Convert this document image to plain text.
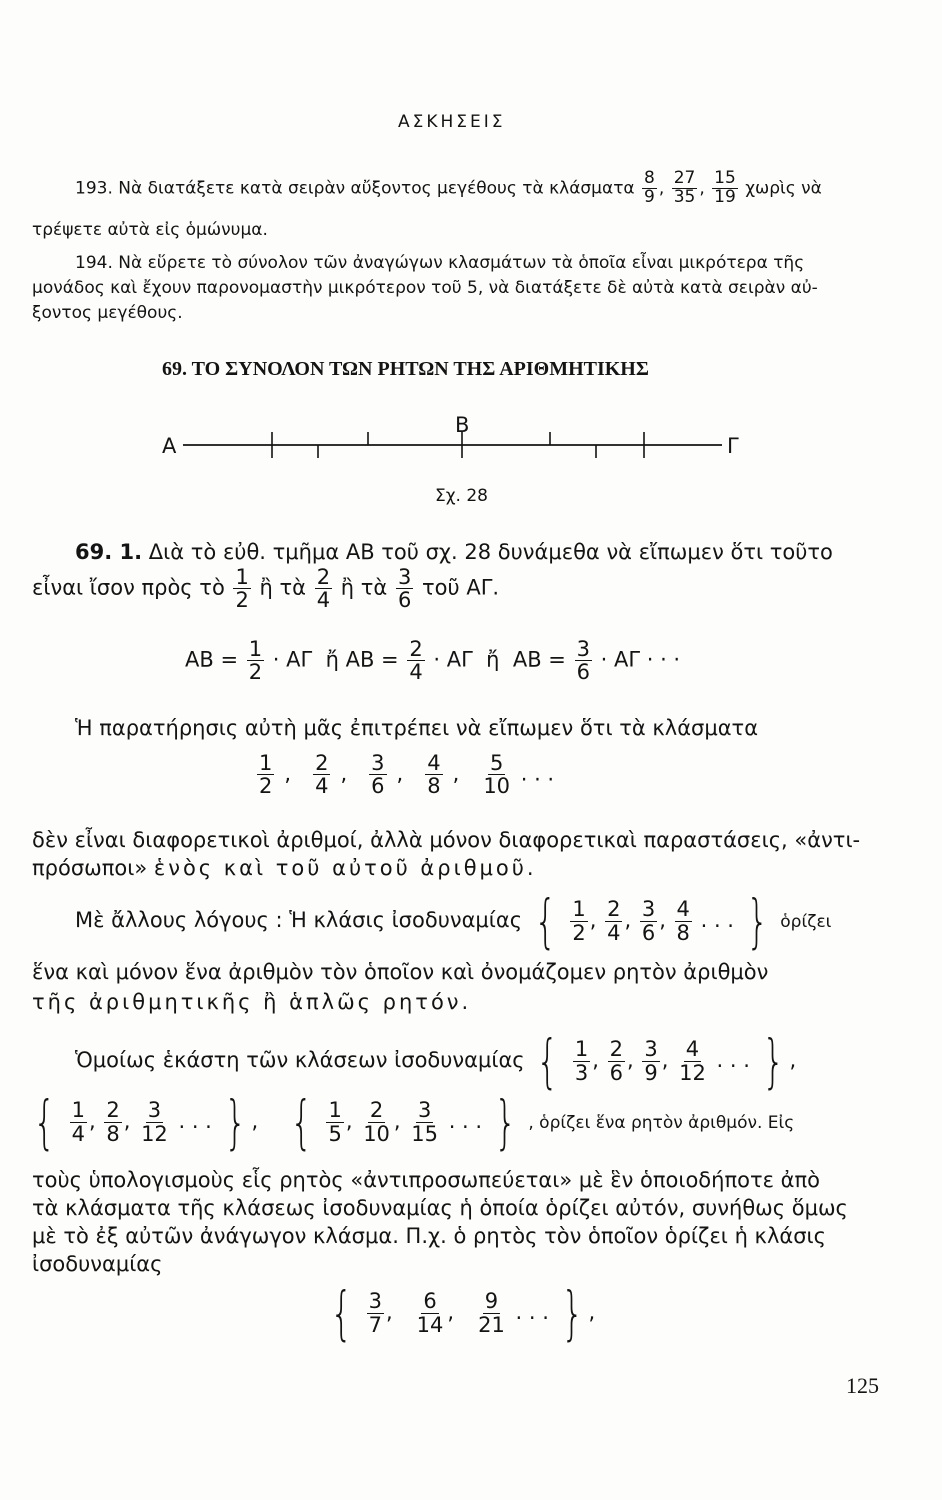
ΑΣΚΗΣΕΙΣ
193. Νὰ διατάξετε κατὰ σειρὰν αὔξοντος μεγέθους τὰ κλάσματα $\frac{8}{9}$ , $\frac{27}{35}$ , $\frac{15}{19}$ χωρὶς νὰ
τρέψετε αὐτὰ εἰς ὁμώνυμα.
194. Νὰ εὕρετε τὸ σύνολον τῶν ἀναγώγων κλασμάτων τὰ ὁποῖα εἶναι μικρότερα τῆς
μονάδος καὶ ἔχουν παρονομαστὴν μικρότερον τοῦ 5, νὰ διατάξετε δὲ αὐτὰ κατὰ σειρὰν αὐ-
ξοντος μεγέθους.
69. ΤΟ ΣΥΝΟΛΟΝ ΤΩΝ ΡΗΤΩΝ ΤΗΣ ΑΡΙΘΜΗΤΙΚΗΣ
A
B
Γ
Σχ. 28
69. 1. Διὰ τὸ εὐθ. τμῆμα ΑΒ τοῦ σχ. 28 δυνάμεθα νὰ εἴπωμεν ὅτι τοῦτο
εἶναι ἴσον πρὸς τὸ $\frac{1}{2}$ ἢ τὰ $\frac{2}{4}$ ἢ τὰ $\frac{3}{6}$ τοῦ ΑΓ.
$AB = \frac{1}{2} \cdot A\Gamma$ ἤ $AB = \frac{2}{4} \cdot A\Gamma$ ἤ $AB = \frac{3}{6} \cdot A\Gamma$ · · ·
Ἡ παρατήρησις αὐτὴ μᾶς ἐπιτρέπει νὰ εἴπωμεν ὅτι τὰ κλάσματα
$\frac{1}{2}$ , $\frac{2}{4}$ , $\frac{3}{6}$ , $\frac{4}{8}$ , $\frac{5}{10}$ . . .
δὲν εἶναι διαφορετικοὶ ἀριθμοί, ἀλλὰ μόνον διαφορετικαὶ παραστάσεις, «ἀντι-
πρόσωποι» ἑνὸς καὶ τοῦ αὐτοῦ ἀριθμοῦ.
Μὲ ἄλλους λόγους : Ἡ κλάσις ἰσοδυναμίας { $\frac{1}{2}$ , $\frac{2}{4}$ , $\frac{3}{6}$ , $\frac{4}{8}$ . . . } ὁρίζει
ἕνα καὶ μόνον ἕνα ἀριθμὸν τὸν ὁποῖον καὶ ὀνομάζομεν ρητὸν ἀριθμὸν
τῆς ἀριθμητικῆς ἢ ἁπλῶς ρητόν.
Ὁμοίως ἑκάστη τῶν κλάσεων ἰσοδυναμίας { $\frac{1}{3}$ , $\frac{2}{6}$ , $\frac{3}{9}$ , $\frac{4}{12}$ . . . } ,
{ $\frac{1}{4}$ , $\frac{2}{8}$ , $\frac{3}{12}$ . . . } ,    { $\frac{1}{5}$ , $\frac{2}{10}$ , $\frac{3}{15}$ . . . } , ὁρίζει ἕνα ρητὸν ἀριθμόν. Εἰς
τοὺς ὑπολογισμοὺς εἷς ρητὸς «ἀντιπροσωπεύεται» μὲ ἓν ὁποιοδήποτε ἀπὸ
τὰ κλάσματα τῆς κλάσεως ἰσοδυναμίας ἡ ὁποία ὁρίζει αὐτόν, συνήθως ὅμως
μὲ τὸ ἐξ αὐτῶν ἀνάγωγον κλάσμα. Π.χ. ὁ ρητὸς τὸν ὁποῖον ὁρίζει ἡ κλάσις
ἰσοδυναμίας
{ $\frac{3}{7}$ , $\frac{6}{14}$ , $\frac{9}{21}$ . . . } ,
125
